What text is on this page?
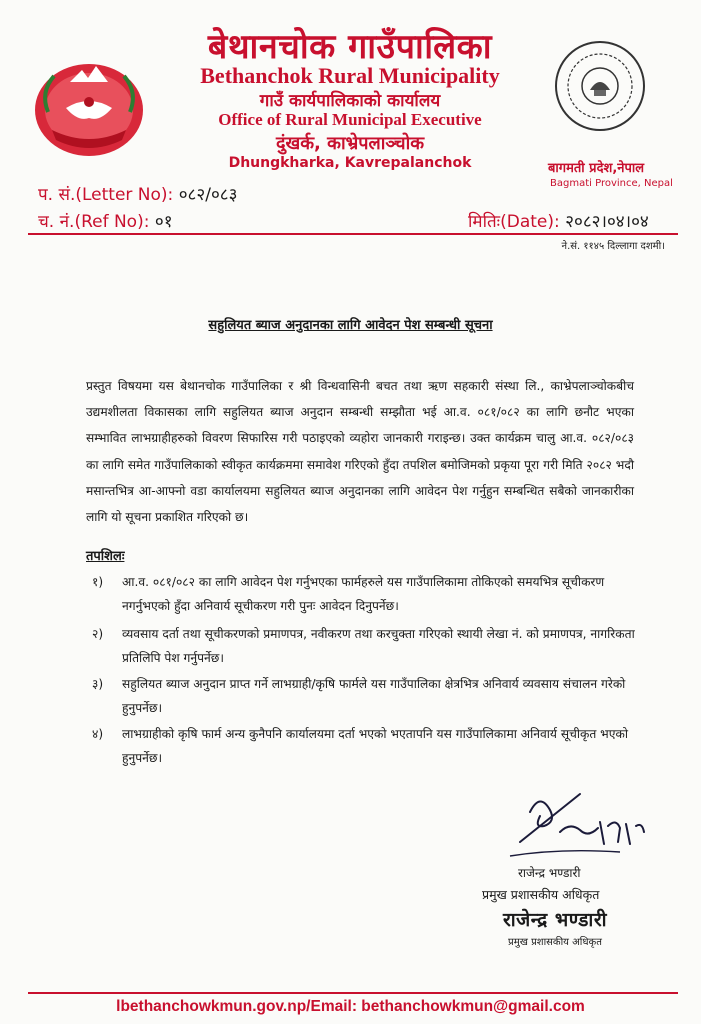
बेथानचोक गाउँपालिका
Bethanchok Rural Municipality
गाउँ कार्यपालिकाको कार्यालय
Office of Rural Municipal Executive
दुंखर्क, काभ्रेपलाञ्चोक
Dhungkharka, Kavrepalanchok	बागमती प्रदेश,नेपाल
Bagmati Province, Nepal
प. सं.(Letter No): ०८२/०८३
च. नं.(Ref No): ०१	मितिः(Date): २०८२।०४।०४
ने.सं. ११४५ दिल्लागा दशमी।
सहुलियत ब्याज अनुदानका लागि आवेदन पेश सम्बन्धी सूचना
प्रस्तुत विषयमा यस बेथानचोक गाउँपालिका र श्री विन्धवासिनी बचत तथा ऋण सहकारी संस्था लि., काभ्रेपलाञ्चोकबीच उद्यमशीलता विकासका लागि सहुलियत ब्याज अनुदान सम्बन्धी सम्झौता भई आ.व. ०८१/०८२ का लागि छनौट भएका सम्भावित लाभग्राहीहरुको विवरण सिफारिस गरी पठाइएको व्यहोरा जानकारी गराइन्छ। उक्त कार्यक्रम चालु आ.व. ०८२/०८३ का लागि समेत गाउँपालिकाको स्वीकृत कार्यक्रममा समावेश गरिएको हुँदा तपशिल बमोजिमको प्रकृया पूरा गरी मिति २०८२ भदौ मसान्तभित्र आ-आफ्नो वडा कार्यालयमा सहुलियत ब्याज अनुदानका लागि आवेदन पेश गर्नुहुन सम्बन्धित सबैको जानकारीका लागि यो सूचना प्रकाशित गरिएको छ।
तपशिलः
१) आ.व. ०८१/०८२ का लागि आवेदन पेश गर्नुभएका फार्महरुले यस गाउँपालिकामा तोकिएको समयभित्र सूचीकरण नगर्नुभएको हुँदा अनिवार्य सूचीकरण गरी पुनः आवेदन दिनुपर्नेछ।
२) व्यवसाय दर्ता तथा सूचीकरणको प्रमाणपत्र, नवीकरण तथा करचुक्ता गरिएको स्थायी लेखा नं. को प्रमाणपत्र, नागरिकता प्रतिलिपि पेश गर्नुपर्नेछ।
३) सहुलियत ब्याज अनुदान प्राप्त गर्ने लाभग्राही/कृषि फार्मले यस गाउँपालिका क्षेत्रभित्र अनिवार्य व्यवसाय संचालन गरेको हुनुपर्नेछ।
४) लाभग्राहीको कृषि फार्म अन्य कुनैपनि कार्यालयमा दर्ता भएको भएतापनि यस गाउँपालिकामा अनिवार्य सूचीकृत भएको हुनुपर्नेछ।
राजेन्द्र भण्डारी
प्रमुख प्रशासकीय अधिकृत
राजेन्द्र भण्डारी
प्रमुख प्रशासकीय अधिकृत
lbethanchowkmun.gov.np/Email: bethanchowkmun@gmail.com
